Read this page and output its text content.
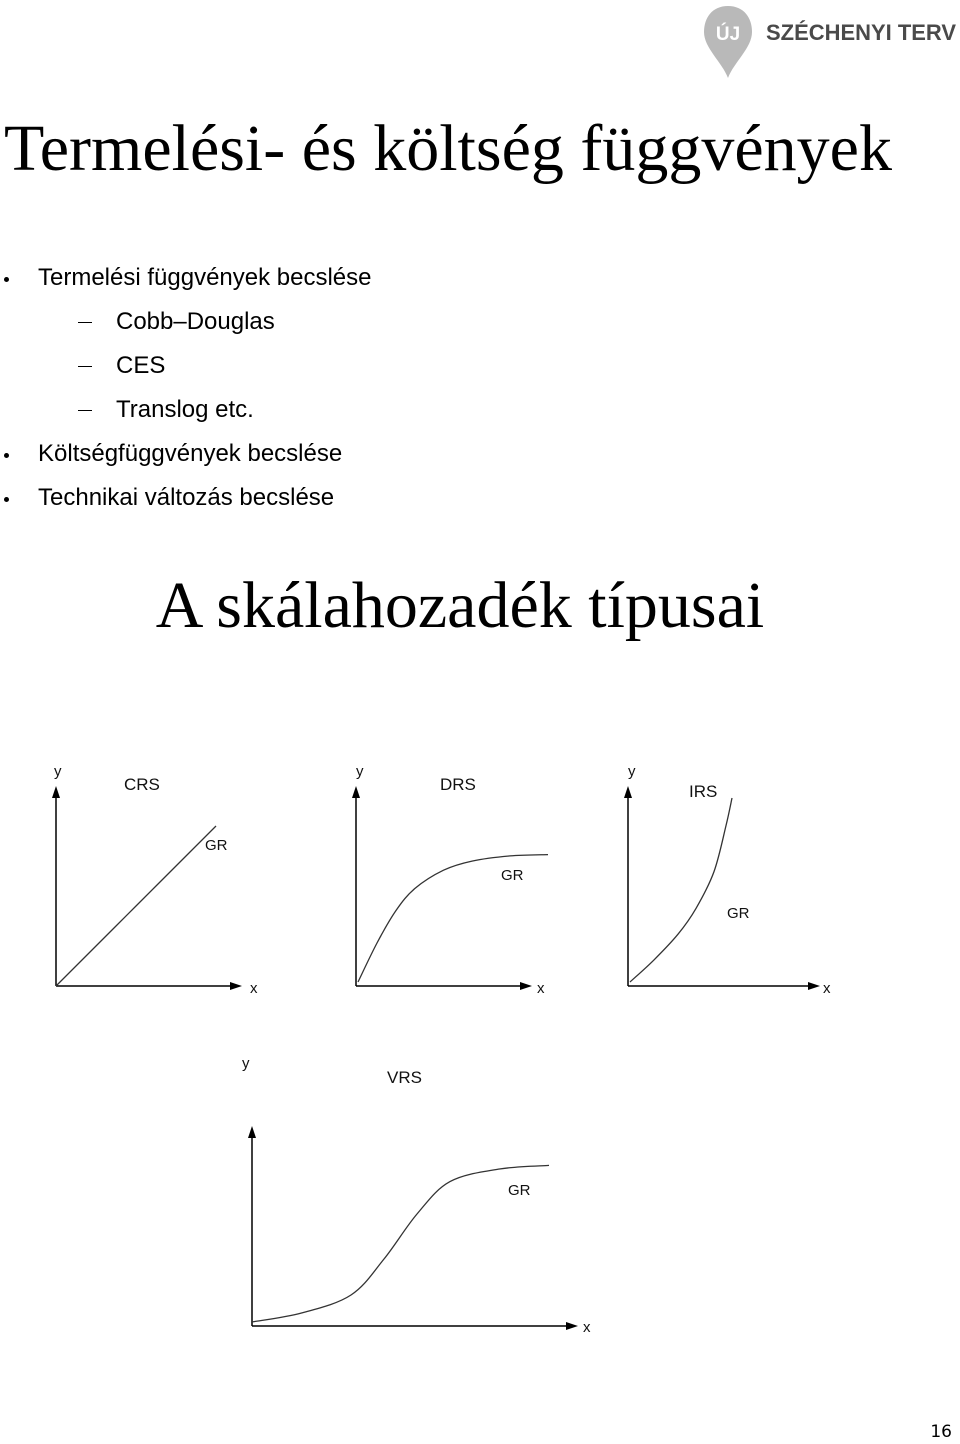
ÚJ SZÉCHENYI TERV
Termelési- és költség függvények
Termelési függvények becslése
Cobb–Douglas
CES
Translog etc.
Költségfüggvények becslése
Technikai változás becslése
A skálahozadék típusai
y
x
CRS
GR
y
x
DRS
GR
y
x
IRS
GR
y
x
VRS
GR
16
